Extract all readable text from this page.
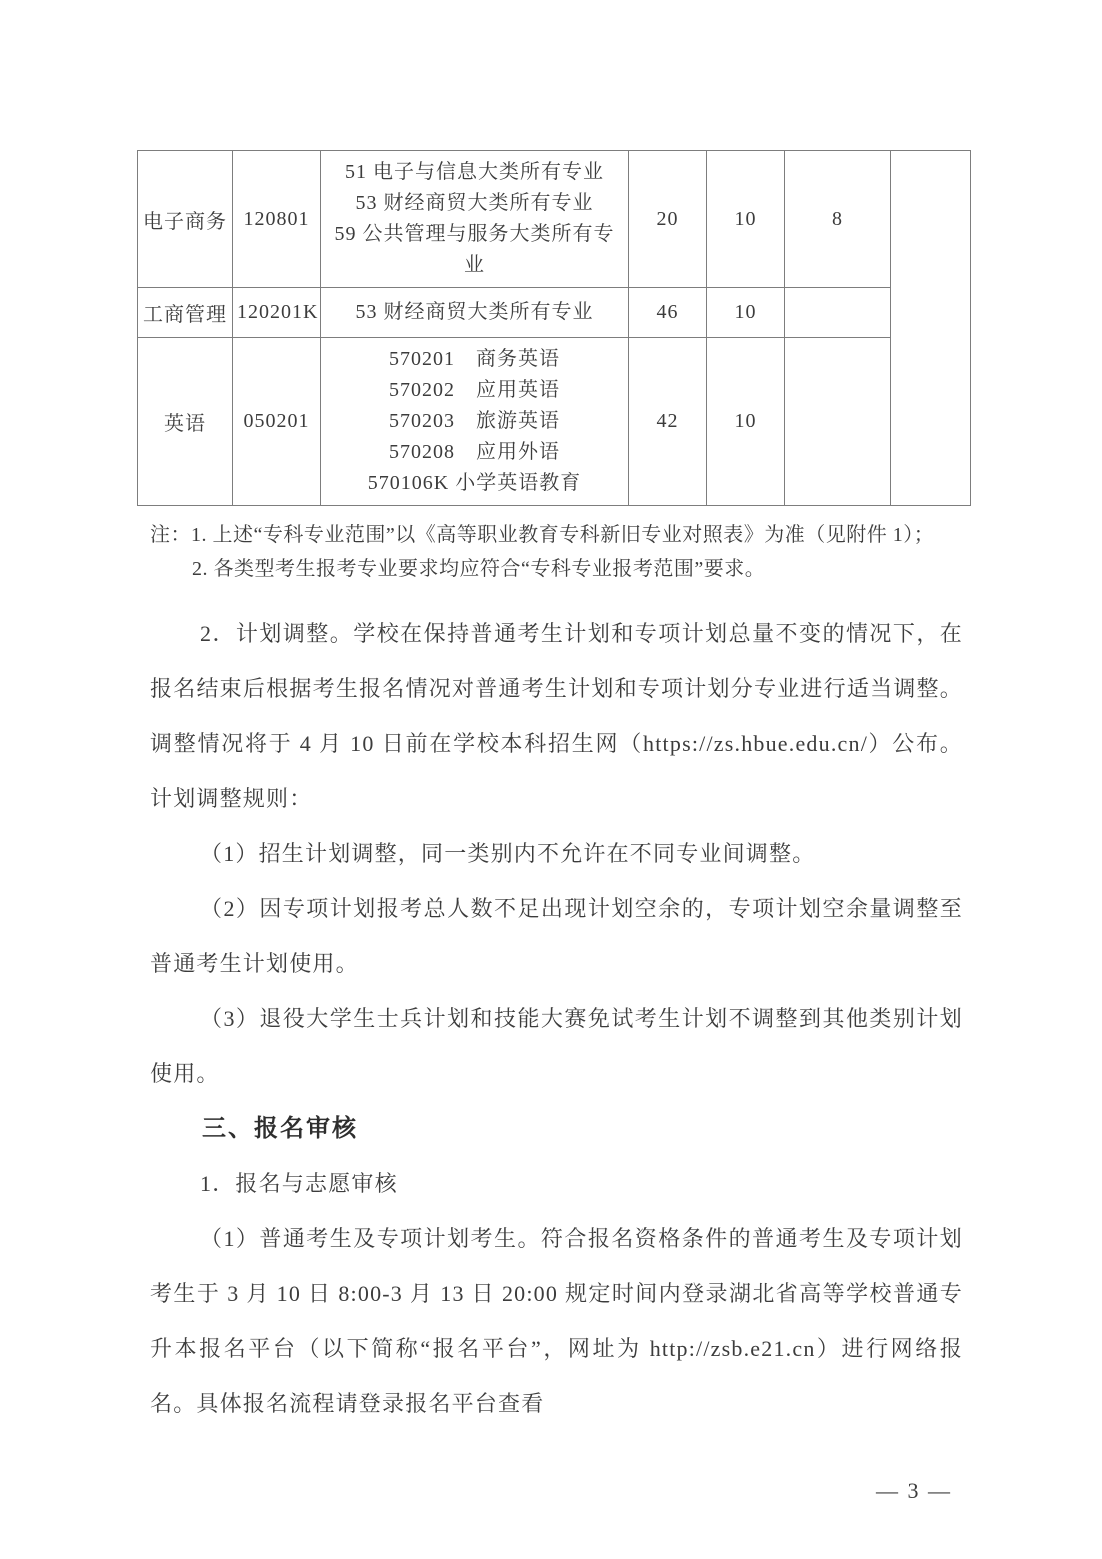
电子商务	120801	51 电子与信息大类所有专业
53 财经商贸大类所有专业
59 公共管理与服务大类所有专业	20	10	8	
工商管理	120201K	53 财经商贸大类所有专业	46	10		
英语	050201	570201　商务英语
570202　应用英语
570203　旅游英语
570208　应用外语
570106K 小学英语教育	42	10		

注：1. 上述“专科专业范围”以《高等职业教育专科新旧专业对照表》为准（见附件 1）；

2. 各类型考生报考专业要求均应符合“专科专业报考范围”要求。

2．计划调整。学校在保持普通考生计划和专项计划总量不变的情况下，在报名结束后根据考生报名情况对普通考生计划和专项计划分专业进行适当调整。调整情况将于 4 月 10 日前在学校本科招生网（https://zs.hbue.edu.cn/）公布。计划调整规则：

（1）招生计划调整，同一类别内不允许在不同专业间调整。

（2）因专项计划报考总人数不足出现计划空余的，专项计划空余量调整至普通考生计划使用。

（3）退役大学生士兵计划和技能大赛免试考生计划不调整到其他类别计划使用。

三、报名审核

1．报名与志愿审核

（1）普通考生及专项计划考生。符合报名资格条件的普通考生及专项计划考生于 3 月 10 日 8:00-3 月 13 日 20:00 规定时间内登录湖北省高等学校普通专升本报名平台（以下简称“报名平台”，网址为 http://zsb.e21.cn）进行网络报名。具体报名流程请登录报名平台查看

— 3 —
